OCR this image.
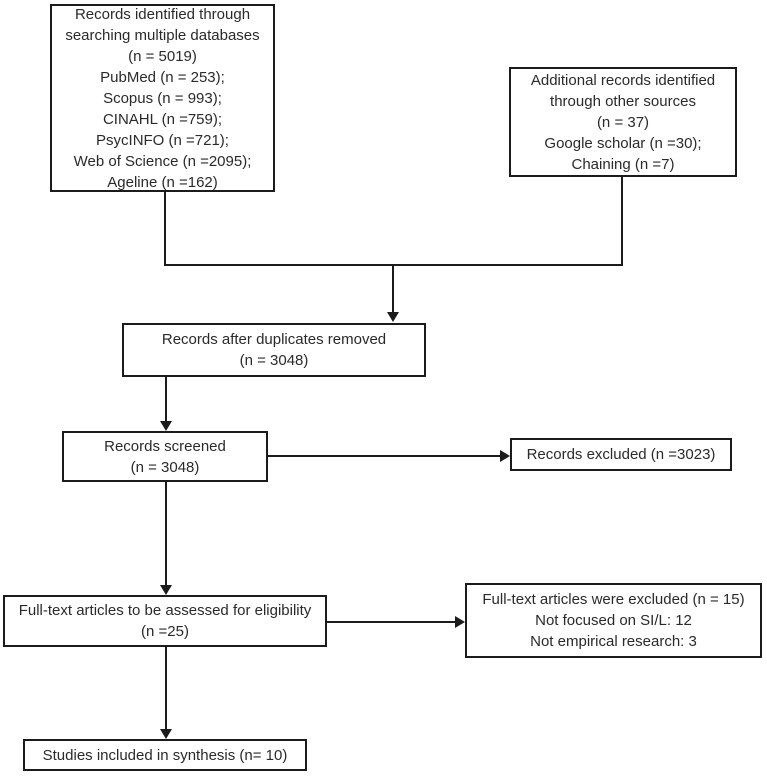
Records identified through
searching multiple databases
(n = 5019)
PubMed (n = 253);
Scopus (n = 993);
CINAHL (n =759);
PsycINFO (n =721);
Web of Science (n =2095);
Ageline (n =162)
Additional records identified
through other sources
(n = 37)
Google scholar (n =30);
Chaining (n =7)
Records after duplicates removed
(n = 3048)
Records screened
(n = 3048)
Records excluded (n =3023)
Full-text articles to be assessed for eligibility
(n =25)
Full-text articles were excluded (n = 15)
Not focused on SI/L: 12
Not empirical research: 3
Studies included in synthesis (n= 10)
